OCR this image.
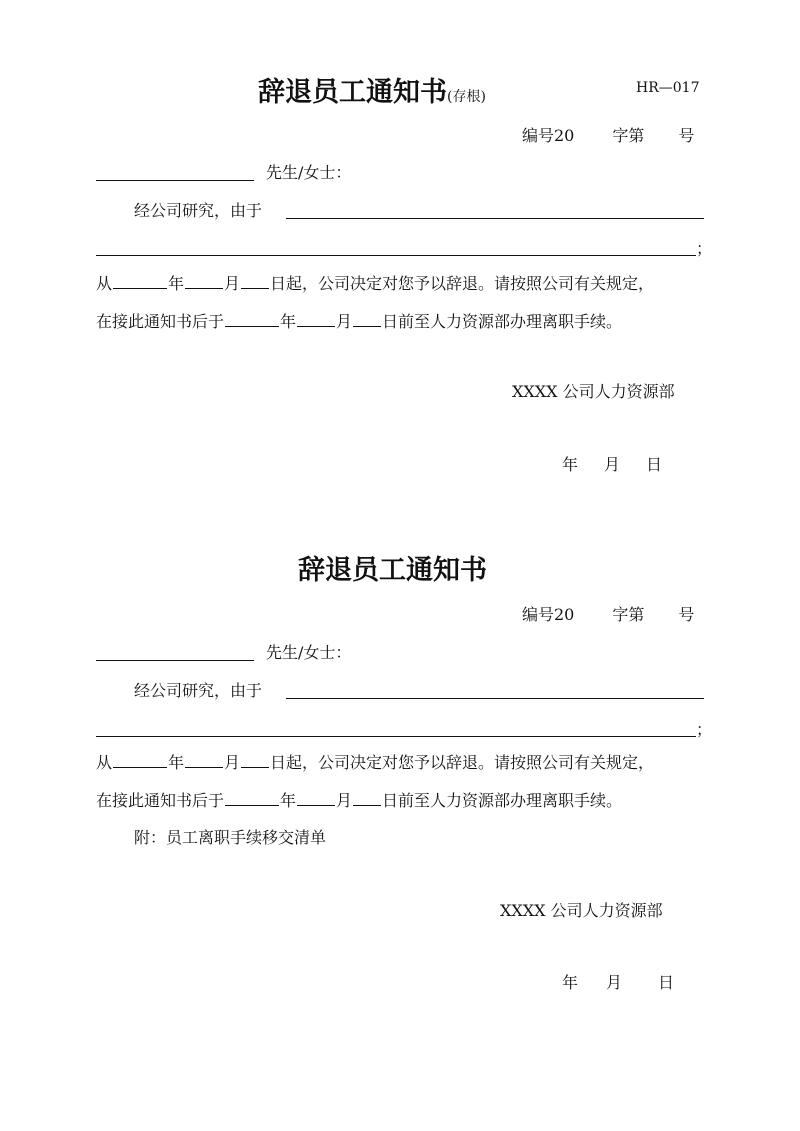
辞退员工通知书(存根)
HR—017
编号20 字第 号
先生/女士：
经公司研究，由于
；
从	年	月 日起，公司决定对您予以辞退。请按照公司有关规定，
在接此通知书后于	年	月 日前至人力资源部办理离职手续。
XXXX 公司人力资源部
年 月 日
辞退员工通知书
编号20 字第 号
先生/女士：
经公司研究，由于
；
从	年	月 日起，公司决定对您予以辞退。请按照公司有关规定，
在接此通知书后于	年	月 日前至人力资源部办理离职手续。
附：员工离职手续移交清单
XXXX 公司人力资源部
年 月 日
